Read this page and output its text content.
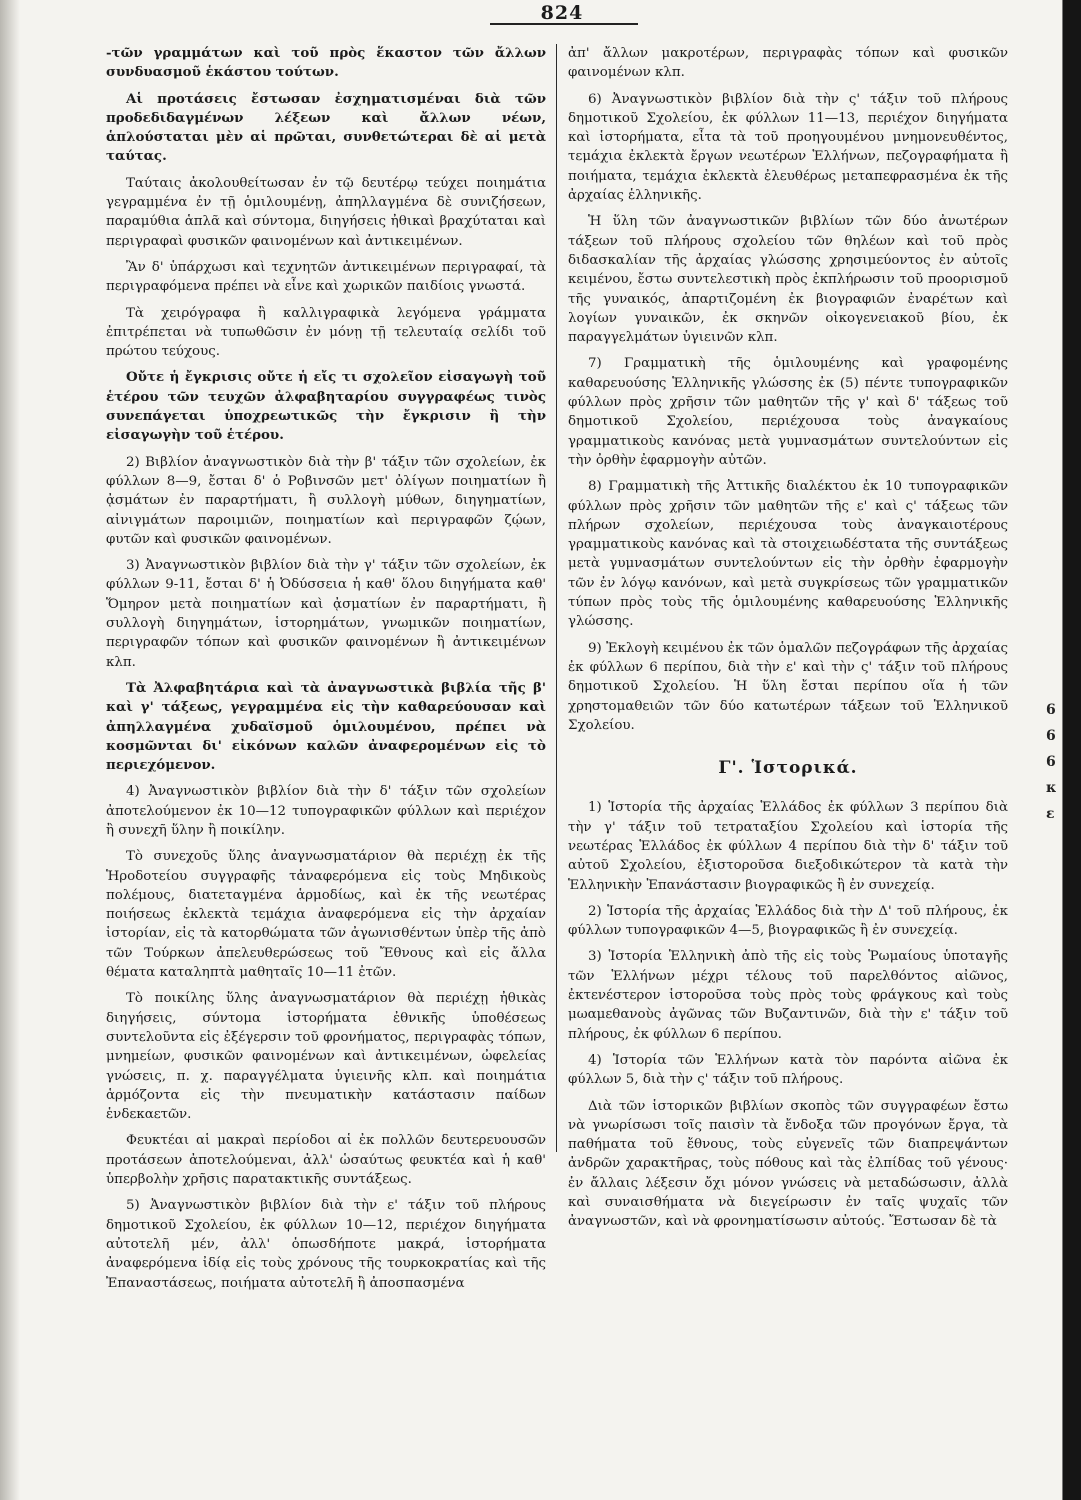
824

-τῶν γραμμάτων καὶ τοῦ πρὸς ἕκαστον τῶν ἄλλων συνδυασμοῦ ἑκάστου τούτων.

Αἱ προτάσεις ἔστωσαν ἐσχηματισμέναι διὰ τῶν προδεδιδαγμένων λέξεων καὶ ἄλλων νέων, ἁπλούσταται μὲν αἱ πρῶται, συνθετώτεραι δὲ αἱ μετὰ ταύτας.

Ταύταις ἀκολουθείτωσαν ἐν τῷ δευτέρῳ τεύχει ποιημάτια γεγραμμένα ἐν τῇ ὁμιλουμένῃ, ἀπηλλαγμένα δὲ συνιζήσεων, παραμύθια ἁπλᾶ καὶ σύντομα, διηγήσεις ἠθικαὶ βραχύταται καὶ περιγραφαὶ φυσικῶν φαινομένων καὶ ἀντικειμένων.

Ἂν δ' ὑπάρχωσι καὶ τεχνητῶν ἀντικειμένων περιγραφαί, τὰ περιγραφόμενα πρέπει νὰ εἶνε καὶ χωρικῶν παιδίοις γνωστά.

Τὰ χειρόγραφα ἢ καλλιγραφικὰ λεγόμενα γράμματα ἐπιτρέπεται νὰ τυπωθῶσιν ἐν μόνῃ τῇ τελευταίᾳ σελίδι τοῦ πρώτου τεύχους.

Οὔτε ἡ ἔγκρισις οὔτε ἡ εἴς τι σχολεῖον εἰσαγωγὴ τοῦ ἑτέρου τῶν τευχῶν ἀλφαβηταρίου συγγραφέως τινὸς συνεπάγεται ὑποχρεωτικῶς τὴν ἔγκρισιν ἢ τὴν εἰσαγωγὴν τοῦ ἑτέρου.

2) Βιβλίον ἀναγνωστικὸν διὰ τὴν β' τάξιν τῶν σχολείων, ἐκ φύλλων 8—9, ἔσται δ' ὁ Ροβινσῶν μετ' ὀλίγων ποιηματίων ἢ ᾀσμάτων ἐν παραρτήματι, ἢ συλλογὴ μύθων, διηγηματίων, αἰνιγμάτων παροιμιῶν, ποιηματίων καὶ περιγραφῶν ζῴων, φυτῶν καὶ φυσικῶν φαινομένων.

3) Ἀναγνωστικὸν βιβλίον διὰ τὴν γ' τάξιν τῶν σχολείων, ἐκ φύλλων 9-11, ἔσται δ' ἡ Ὀδύσσεια ἡ καθ' ὅλου διηγήματα καθ' Ὅμηρον μετὰ ποιηματίων καὶ ᾀσματίων ἐν παραρτήματι, ἢ συλλογὴ διηγημάτων, ἱστορημάτων, γνωμικῶν ποιηματίων, περιγραφῶν τόπων καὶ φυσικῶν φαινομένων ἢ ἀντικειμένων κλπ.

Τὰ Ἀλφαβητάρια καὶ τὰ ἀναγνωστικὰ βιβλία τῆς β' καὶ γ' τάξεως, γεγραμμένα εἰς τὴν καθαρεύουσαν καὶ ἀπηλλαγμένα χυδαϊσμοῦ ὁμιλουμένου, πρέπει νὰ κοσμῶνται δι' εἰκόνων καλῶν ἀναφερομένων εἰς τὸ περιεχόμενον.

4) Ἀναγνωστικὸν βιβλίον διὰ τὴν δ' τάξιν τῶν σχολείων ἀποτελούμενον ἐκ 10—12 τυπογραφικῶν φύλλων καὶ περιέχον ἢ συνεχῆ ὕλην ἢ ποικίλην.

Τὸ συνεχοῦς ὕλης ἀναγνωσματάριον θὰ περιέχῃ ἐκ τῆς Ἡροδοτείου συγγραφῆς τἀναφερόμενα εἰς τοὺς Μηδικοὺς πολέμους, διατεταγμένα ἁρμοδίως, καὶ ἐκ τῆς νεωτέρας ποιήσεως ἐκλεκτὰ τεμάχια ἀναφερόμενα εἰς τὴν ἀρχαίαν ἱστορίαν, εἰς τὰ κατορθώματα τῶν ἀγωνισθέντων ὑπὲρ τῆς ἀπὸ τῶν Τούρκων ἀπελευθερώσεως τοῦ Ἔθνους καὶ εἰς ἄλλα θέματα καταληπτὰ μαθηταῖς 10—11 ἐτῶν.

Τὸ ποικίλης ὕλης ἀναγνωσματάριον θὰ περιέχῃ ἠθικὰς διηγήσεις, σύντομα ἱστορήματα ἐθνικῆς ὑποθέσεως συντελοῦντα εἰς ἐξέγερσιν τοῦ φρονήματος, περιγραφὰς τόπων, μνημείων, φυσικῶν φαινομένων καὶ ἀντικειμένων, ὠφελείας γνώσεις, π. χ. παραγγέλματα ὑγιεινῆς κλπ. καὶ ποιημάτια ἁρμόζοντα εἰς τὴν πνευματικὴν κατάστασιν παίδων ἑνδεκαετῶν.

Φευκτέαι αἱ μακραὶ περίοδοι αἱ ἐκ πολλῶν δευτερευουσῶν προτάσεων ἀποτελούμεναι, ἀλλ' ὡσαύτως φευκτέα καὶ ἡ καθ' ὑπερβολὴν χρῆσις παρατακτικῆς συντάξεως.

5) Ἀναγνωστικὸν βιβλίον διὰ τὴν ε' τάξιν τοῦ πλήρους δημοτικοῦ Σχολείου, ἐκ φύλλων 10—12, περιέχον διηγήματα αὐτοτελῆ μέν, ἀλλ' ὁπωσδήποτε μακρά, ἱστορήματα ἀναφερόμενα ἰδίᾳ εἰς τοὺς χρόνους τῆς τουρκοκρατίας καὶ τῆς Ἐπαναστάσεως, ποιήματα αὐτοτελῆ ἢ ἀποσπασμένα

ἀπ' ἄλλων μακροτέρων, περιγραφὰς τόπων καὶ φυσικῶν φαινομένων κλπ.

6) Ἀναγνωστικὸν βιβλίον διὰ τὴν ς' τάξιν τοῦ πλήρους δημοτικοῦ Σχολείου, ἐκ φύλλων 11—13, περιέχον διηγήματα καὶ ἱστορήματα, εἶτα τὰ τοῦ προηγουμένου μνημονευθέντος, τεμάχια ἐκλεκτὰ ἔργων νεωτέρων Ἑλλήνων, πεζογραφήματα ἢ ποιήματα, τεμάχια ἐκλεκτὰ ἐλευθέρως μεταπεφρασμένα ἐκ τῆς ἀρχαίας ἑλληνικῆς.

Ἡ ὕλη τῶν ἀναγνωστικῶν βιβλίων τῶν δύο ἀνωτέρων τάξεων τοῦ πλήρους σχολείου τῶν θηλέων καὶ τοῦ πρὸς διδασκαλίαν τῆς ἀρχαίας γλώσσης χρησιμεύοντος ἐν αὐτοῖς κειμένου, ἔστω συντελεστικὴ πρὸς ἐκπλήρωσιν τοῦ προορισμοῦ τῆς γυναικός, ἀπαρτιζομένη ἐκ βιογραφιῶν ἐναρέτων καὶ λογίων γυναικῶν, ἐκ σκηνῶν οἰκογενειακοῦ βίου, ἐκ παραγγελμάτων ὑγιεινῶν κλπ.

7) Γραμματικὴ τῆς ὁμιλουμένης καὶ γραφομένης καθαρευούσης Ἑλληνικῆς γλώσσης ἐκ (5) πέντε τυπογραφικῶν φύλλων πρὸς χρῆσιν τῶν μαθητῶν τῆς γ' καὶ δ' τάξεως τοῦ δημοτικοῦ Σχολείου, περιέχουσα τοὺς ἀναγκαίους γραμματικοὺς κανόνας μετὰ γυμνασμάτων συντελούντων εἰς τὴν ὀρθὴν ἐφαρμογὴν αὐτῶν.

8) Γραμματικὴ τῆς Ἀττικῆς διαλέκτου ἐκ 10 τυπογραφικῶν φύλλων πρὸς χρῆσιν τῶν μαθητῶν τῆς ε' καὶ ς' τάξεως τῶν πλήρων σχολείων, περιέχουσα τοὺς ἀναγκαιοτέρους γραμματικοὺς κανόνας καὶ τὰ στοιχειωδέστατα τῆς συντάξεως μετὰ γυμνασμάτων συντελούντων εἰς τὴν ὀρθὴν ἐφαρμογὴν τῶν ἐν λόγῳ κανόνων, καὶ μετὰ συγκρίσεως τῶν γραμματικῶν τύπων πρὸς τοὺς τῆς ὁμιλουμένης καθαρευούσης Ἑλληνικῆς γλώσσης.

9) Ἐκλογὴ κειμένου ἐκ τῶν ὁμαλῶν πεζογράφων τῆς ἀρχαίας ἐκ φύλλων 6 περίπου, διὰ τὴν ε' καὶ τὴν ς' τάξιν τοῦ πλήρους δημοτικοῦ Σχολείου. Ἡ ὕλη ἔσται περίπου οἵα ἡ τῶν χρηστομαθειῶν τῶν δύο κατωτέρων τάξεων τοῦ Ἑλληνικοῦ Σχολείου.

Γ'. Ἱστορικά.

1) Ἱστορία τῆς ἀρχαίας Ἑλλάδος ἐκ φύλλων 3 περίπου διὰ τὴν γ' τάξιν τοῦ τετραταξίου Σχολείου καὶ ἱστορία τῆς νεωτέρας Ἑλλάδος ἐκ φύλλων 4 περίπου διὰ τὴν δ' τάξιν τοῦ αὐτοῦ Σχολείου, ἐξιστοροῦσα διεξοδικώτερον τὰ κατὰ τὴν Ἑλληνικὴν Ἐπανάστασιν βιογραφικῶς ἢ ἐν συνεχείᾳ.

2) Ἱστορία τῆς ἀρχαίας Ἑλλάδος διὰ τὴν Δ' τοῦ πλήρους, ἐκ φύλλων τυπογραφικῶν 4—5, βιογραφικῶς ἢ ἐν συνεχείᾳ.

3) Ἱστορία Ἑλληνικὴ ἀπὸ τῆς εἰς τοὺς Ῥωμαίους ὑποταγῆς τῶν Ἑλλήνων μέχρι τέλους τοῦ παρελθόντος αἰῶνος, ἐκτενέστερον ἱστοροῦσα τοὺς πρὸς τοὺς φράγκους καὶ τοὺς μωαμεθανοὺς ἀγῶνας τῶν Βυζαντινῶν, διὰ τὴν ε' τάξιν τοῦ πλήρους, ἐκ φύλλων 6 περίπου.

4) Ἱστορία τῶν Ἑλλήνων κατὰ τὸν παρόντα αἰῶνα ἐκ φύλλων 5, διὰ τὴν ς' τάξιν τοῦ πλήρους.

Διὰ τῶν ἱστορικῶν βιβλίων σκοπὸς τῶν συγγραφέων ἔστω νὰ γνωρίσωσι τοῖς παισὶν τὰ ἔνδοξα τῶν προγόνων ἔργα, τὰ παθήματα τοῦ ἔθνους, τοὺς εὐγενεῖς τῶν διαπρεψάντων ἀνδρῶν χαρακτῆρας, τοὺς πόθους καὶ τὰς ἐλπίδας τοῦ γένους· ἐν ἄλλαις λέξεσιν ὄχι μόνον γνώσεις νὰ μεταδώσωσιν, ἀλλὰ καὶ συναισθήματα νὰ διεγείρωσιν ἐν ταῖς ψυχαῖς τῶν ἀναγνωστῶν, καὶ νὰ φρονηματίσωσιν αὐτούς. Ἔστωσαν δὲ τὰ

6
6
6
κ
ε
